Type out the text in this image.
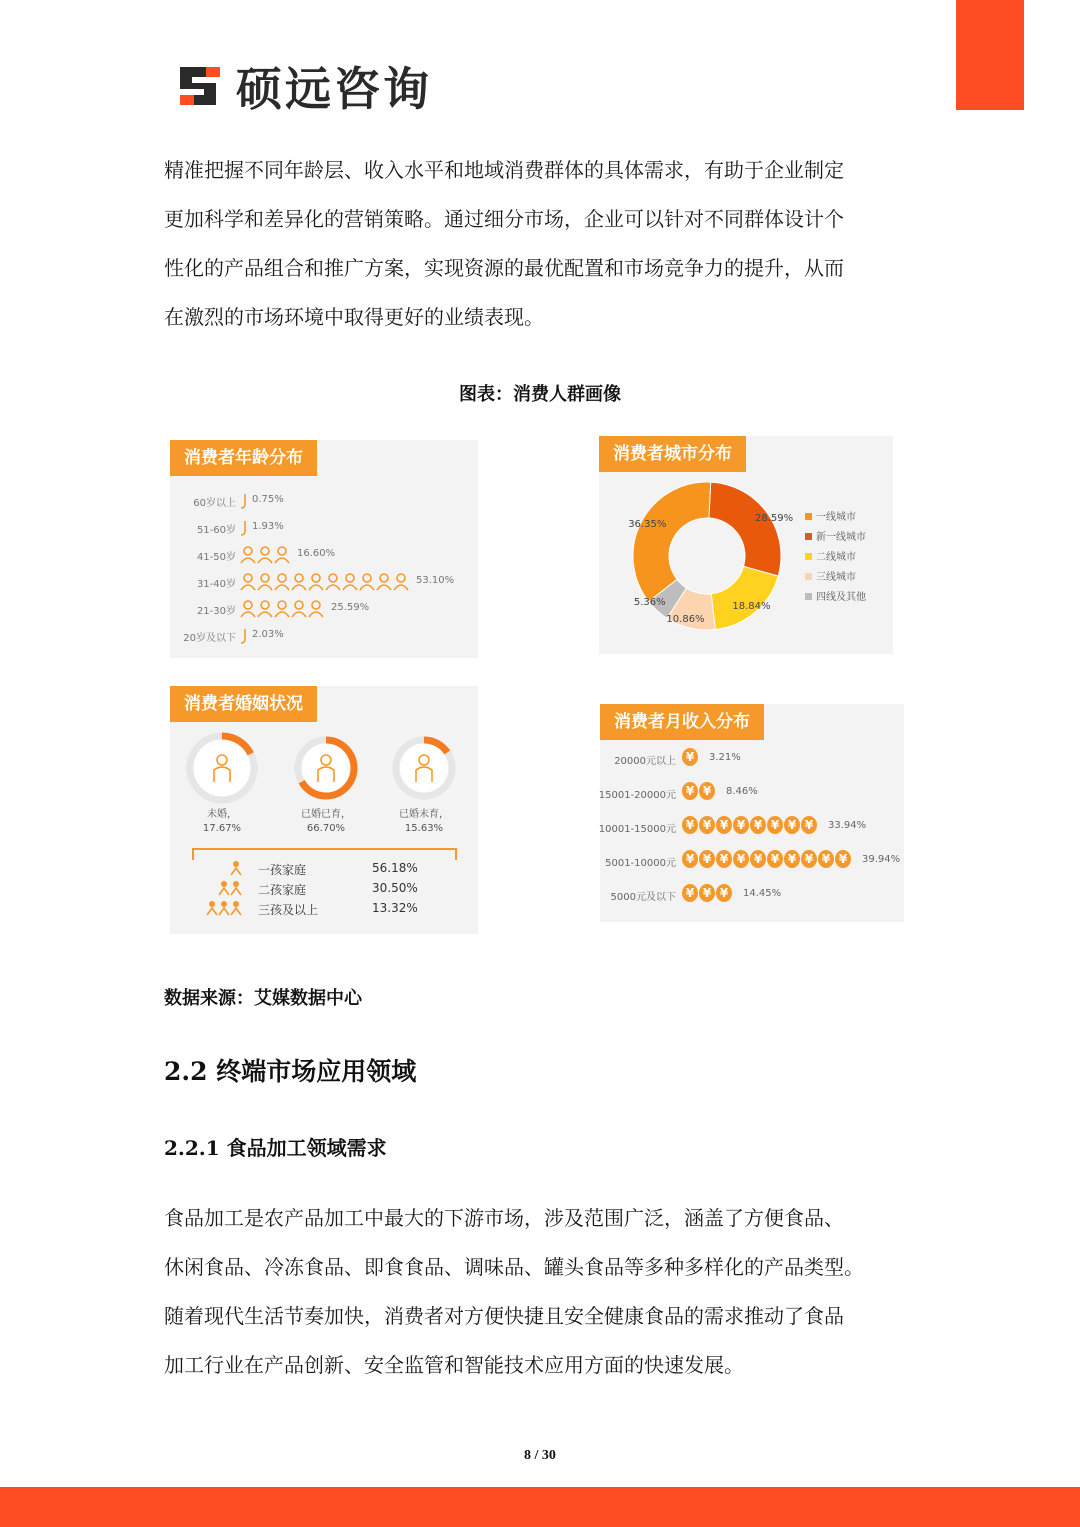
硕远咨询

精准把握不同年龄层、收入水平和地域消费群体的具体需求，有助于企业制定

更加科学和差异化的营销策略。通过细分市场，企业可以针对不同群体设计个

性化的产品组合和推广方案，实现资源的最优配置和市场竞争力的提升，从而

在激烈的市场环境中取得更好的业绩表现。

图表：消费人群画像
消费者年龄分布
60岁以上 0.75%
51-60岁 1.93%
41-50岁	16.60%
31-40岁	53.10%
21-30岁	25.59%
20岁及以下 2.03%
消费者城市分布
36.35%
28.59%
18.84%
10.86%
5.36%
一线城市
新一线城市
二线城市
三线城市
四线及其他
消费者婚姻状况
未婚，
17.67%
已婚已育，
66.70%
已婚未育，
15.63%
一孩家庭	56.18%
二孩家庭	30.50%
三孩及以上	13.32%
消费者月收入分布
20000元以上 ¥	3.21%
15001-20000元 ¥ ¥	8.46%
10001-15000元 ¥ ¥ ¥ ¥ ¥ ¥ ¥ ¥	33.94%
5001-10000元 ¥ ¥ ¥ ¥ ¥ ¥ ¥ ¥ ¥ ¥	39.94%
5000元及以下 ¥ ¥ ¥	14.45%
数据来源：艾媒数据中心
2.2 终端市场应用领域
2.2.1 食品加工领域需求

食品加工是农产品加工中最大的下游市场，涉及范围广泛，涵盖了方便食品、

休闲食品、冷冻食品、即食食品、调味品、罐头食品等多种多样化的产品类型。

随着现代生活节奏加快，消费者对方便快捷且安全健康食品的需求推动了食品

加工行业在产品创新、安全监管和智能技术应用方面的快速发展。

8 / 30
